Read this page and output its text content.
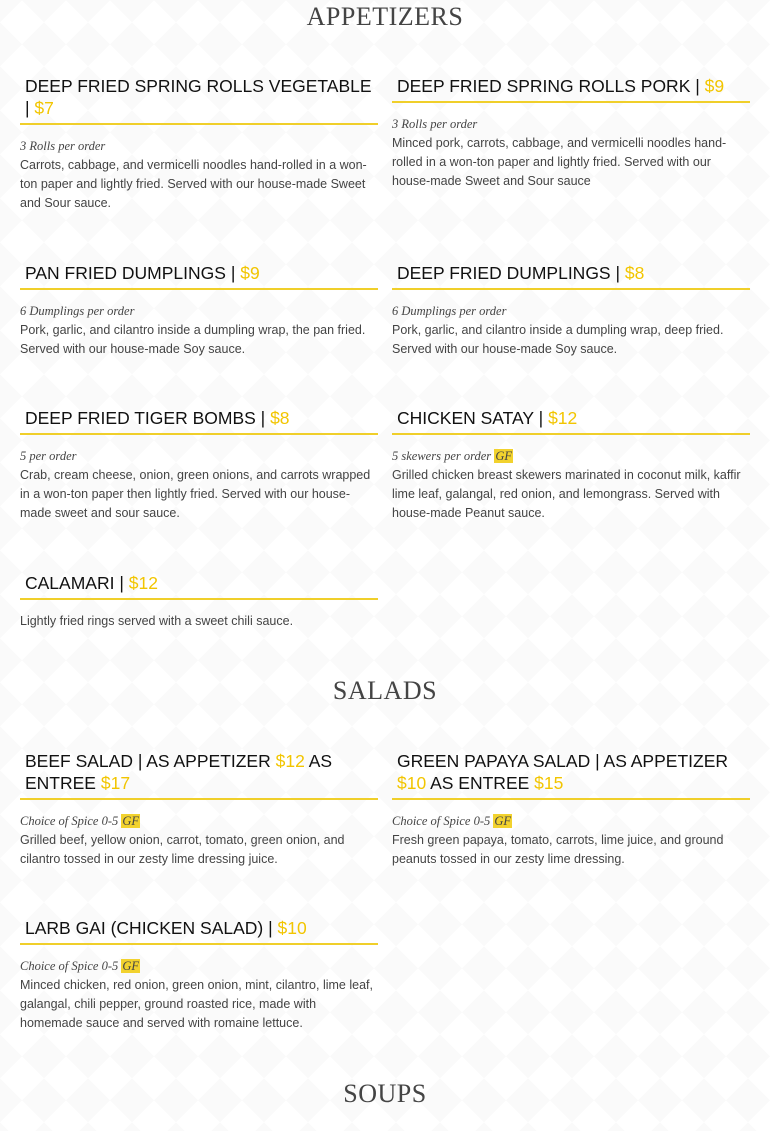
APPETIZERS
SALADS
SOUPS
DEEP FRIED SPRING ROLLS VEGETABLE | $7
3 Rolls per order

Carrots, cabbage, and vermicelli noodles hand-rolled in a won-ton paper and lightly fried. Served with our house-made Sweet and Sour sauce.

DEEP FRIED SPRING ROLLS PORK | $9
3 Rolls per order

Minced pork, carrots, cabbage, and vermicelli noodles hand-rolled in a won-ton paper and lightly fried. Served with our house-made Sweet and Sour sauce

PAN FRIED DUMPLINGS | $9
6 Dumplings per order

Pork, garlic, and cilantro inside a dumpling wrap, the pan fried. Served with our house-made Soy sauce.

DEEP FRIED DUMPLINGS | $8
6 Dumplings per order

Pork, garlic, and cilantro inside a dumpling wrap, deep fried. Served with our house-made Soy sauce.

DEEP FRIED TIGER BOMBS | $8
5 per order

Crab, cream cheese, onion, green onions, and carrots wrapped in a won-ton paper then lightly fried. Served with our house-made sweet and sour sauce.

CHICKEN SATAY | $12
5 skewers per order GF

Grilled chicken breast skewers marinated in coconut milk, kaffir lime leaf, galangal, red onion, and lemongrass. Served with house-made Peanut sauce.

CALAMARI | $12

Lightly fried rings served with a sweet chili sauce.

BEEF SALAD | AS APPETIZER $12 AS ENTREE $17
Choice of Spice 0-5 GF

Grilled beef, yellow onion, carrot, tomato, green onion, and cilantro tossed in our zesty lime dressing juice.

GREEN PAPAYA SALAD | AS APPETIZER $10 AS ENTREE $15
Choice of Spice 0-5 GF

Fresh green papaya, tomato, carrots, lime juice, and ground peanuts tossed in our zesty lime dressing.

LARB GAI (CHICKEN SALAD) | $10
Choice of Spice 0-5 GF

Minced chicken, red onion, green onion, mint, cilantro, lime leaf, galangal, chili pepper, ground roasted rice, made with homemade sauce and served with romaine lettuce.
